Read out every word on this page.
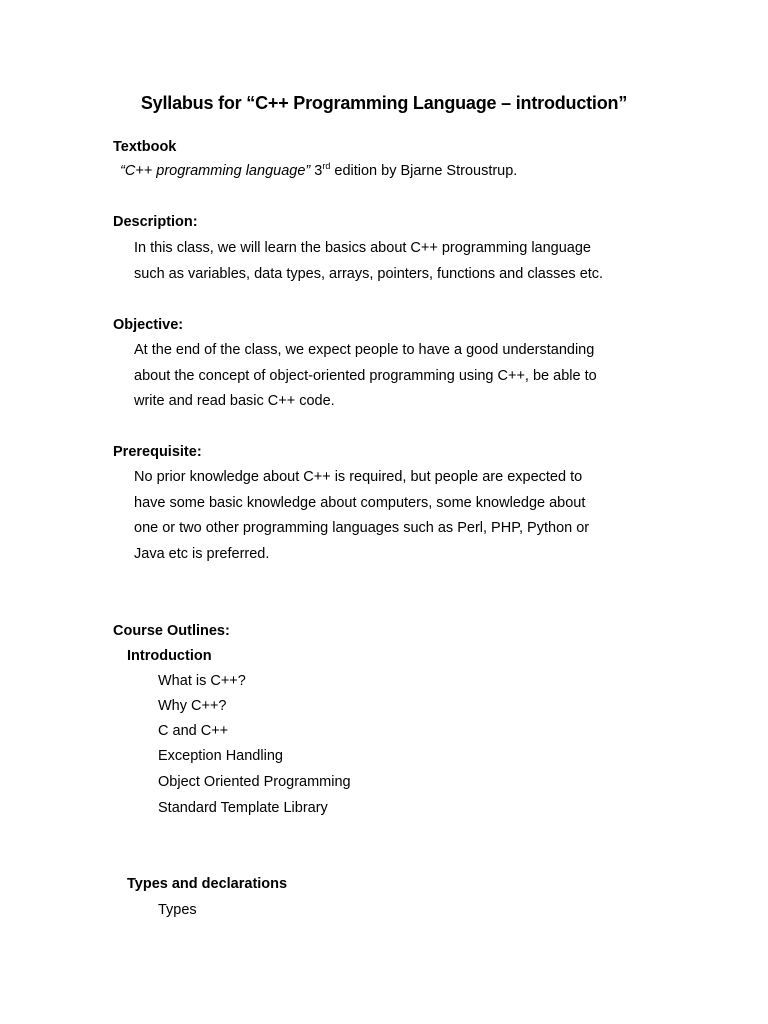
Syllabus for “C++ Programming Language – introduction”
Textbook
“C++ programming language” 3rd edition by Bjarne Stroustrup.
Description:
In this class, we will learn the basics about C++ programming language
such as variables, data types, arrays, pointers, functions and classes etc.
Objective:
At the end of the class, we expect people to have a good understanding
about the concept of object-oriented programming using C++, be able to
write and read basic C++ code.
Prerequisite:
No prior knowledge about C++ is required, but people are expected to
have some basic knowledge about computers, some knowledge about
one or two other programming languages such as Perl, PHP, Python or
Java etc is preferred.
Course Outlines:
Introduction
What is C++?
Why C++?
C and C++
Exception Handling
Object Oriented Programming
Standard Template Library
Types and declarations
Types
